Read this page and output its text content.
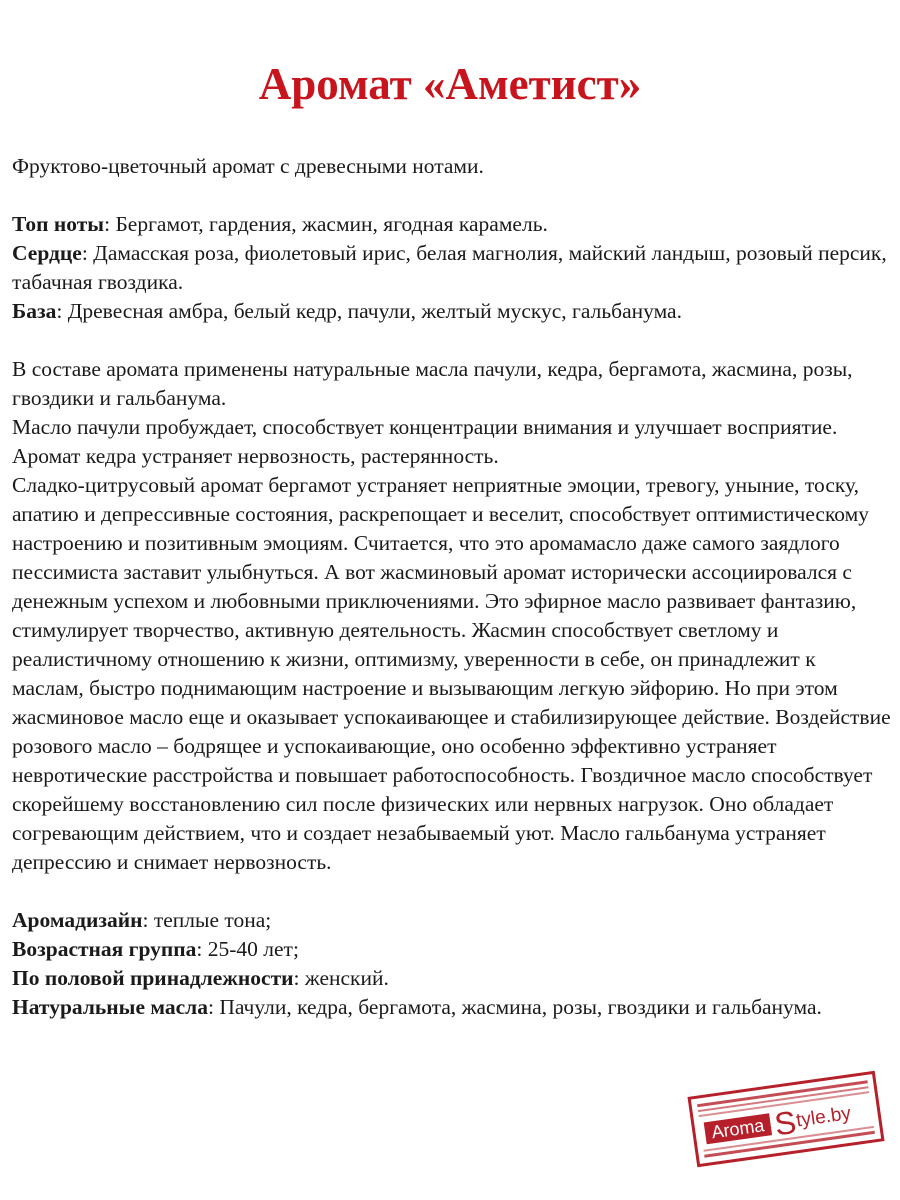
Аромат «Аметист»

Фруктово-цветочный аромат с древесными нотами.

Топ ноты: Бергамот, гардения, жасмин, ягодная карамель.

Сердце: Дамасская роза, фиолетовый ирис, белая магнолия, майский ландыш, розовый персик, табачная гвоздика.

База: Древесная амбра, белый кедр, пачули, желтый мускус, гальбанума.

В составе аромата применены натуральные масла пачули, кедра, бергамота, жасмина, розы, гвоздики и гальбанума.

Масло пачули пробуждает, способствует концентрации внимания и улучшает восприятие. Аромат кедра устраняет нервозность, растерянность.

Сладко-цитрусовый аромат бергамот устраняет неприятные эмоции, тревогу, уныние, тоску, апатию и депрессивные состояния, раскрепощает и веселит, способствует оптимистическому настроению и позитивным эмоциям. Считается, что это аромамасло даже самого заядлого пессимиста заставит улыбнуться. А вот жасминовый аромат исторически ассоциировался с денежным успехом и любовными приключениями. Это эфирное масло развивает фантазию, стимулирует творчество, активную деятельность. Жасмин способствует светлому и реалистичному отношению к жизни, оптимизму, уверенности в себе, он принадлежит к маслам, быстро поднимающим настроение и вызывающим легкую эйфорию. Но при этом жасминовое масло еще и оказывает успокаивающее и стабилизирующее действие. Воздействие розового масло – бодрящее и успокаивающие, оно особенно эффективно устраняет невротические расстройства и повышает работоспособность. Гвоздичное масло способствует скорейшему восстановлению сил после физических или нервных нагрузок. Оно обладает согревающим действием, что и создает незабываемый уют. Масло гальбанума устраняет депрессию и снимает нервозность.

Аромадизайн: теплые тона;

Возрастная группа: 25-40 лет;

По половой принадлежности: женский.

Натуральные масла: Пачули, кедра, бергамота, жасмина, розы, гвоздики и гальбанума.

Aroma S
tyle.by
